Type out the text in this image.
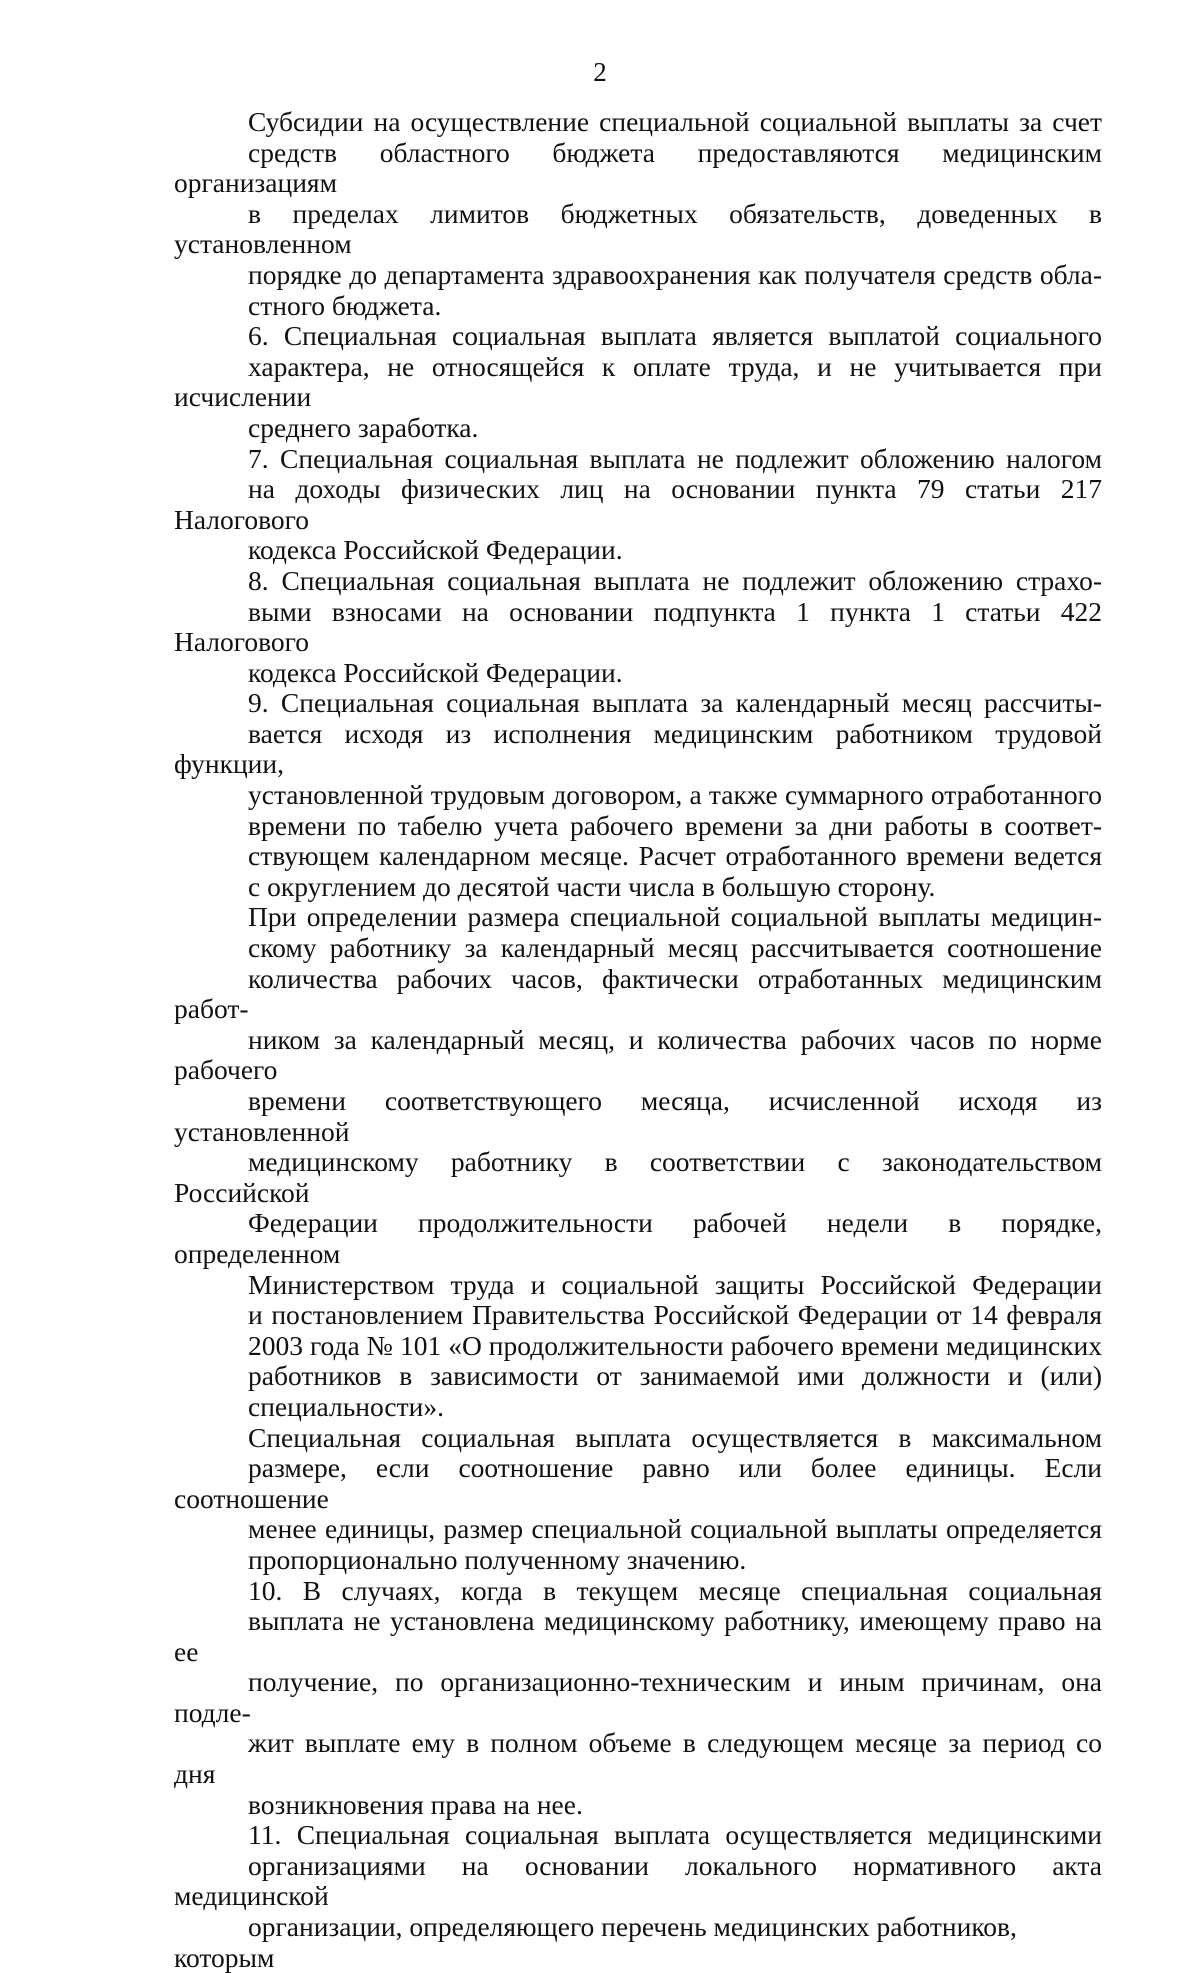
2

Субсидии на осуществление специальной социальной выплаты за счет
средств областного бюджета предоставляются медицинским организациям
в пределах лимитов бюджетных обязательств, доведенных в установленном
порядке до департамента здравоохранения как получателя средств обла-
стного бюджета.

6. Специальная социальная выплата является выплатой социального
характера, не относящейся к оплате труда, и не учитывается при исчислении
среднего заработка.

7. Специальная социальная выплата не подлежит обложению налогом
на доходы физических лиц на основании пункта 79 статьи 217 Налогового
кодекса Российской Федерации.

8. Специальная социальная выплата не подлежит обложению страхо-
выми взносами на основании подпункта 1 пункта 1 статьи 422 Налогового
кодекса Российской Федерации.

9. Специальная социальная выплата за календарный месяц рассчиты-
вается исходя из исполнения медицинским работником трудовой функции,
установленной трудовым договором, а также суммарного отработанного
времени по табелю учета рабочего времени за дни работы в соответ-
ствующем календарном месяце. Расчет отработанного времени ведется
с округлением до десятой части числа в большую сторону.

При определении размера специальной социальной выплаты медицин-
скому работнику за календарный месяц рассчитывается соотношение
количества рабочих часов, фактически отработанных медицинским работ-
ником за календарный месяц, и количества рабочих часов по норме рабочего
времени соответствующего месяца, исчисленной исходя из установленной
медицинскому работнику в соответствии с законодательством Российской
Федерации продолжительности рабочей недели в порядке, определенном
Министерством труда и социальной защиты Российской Федерации
и постановлением Правительства Российской Федерации от 14 февраля
2003 года № 101 «О продолжительности рабочего времени медицинских
работников в зависимости от занимаемой ими должности и (или)
специальности».

Специальная социальная выплата осуществляется в максимальном
размере, если соотношение равно или более единицы. Если соотношение
менее единицы, размер специальной социальной выплаты определяется
пропорционально полученному значению.

10. В случаях, когда в текущем месяце специальная социальная
выплата не установлена медицинскому работнику, имеющему право на ее
получение, по организационно-техническим и иным причинам, она подле-
жит выплате ему в полном объеме в следующем месяце за период со дня
возникновения права на нее.

11. Специальная социальная выплата осуществляется медицинскими
организациями на основании локального нормативного акта медицинской
организации, определяющего перечень медицинских работников, которым
